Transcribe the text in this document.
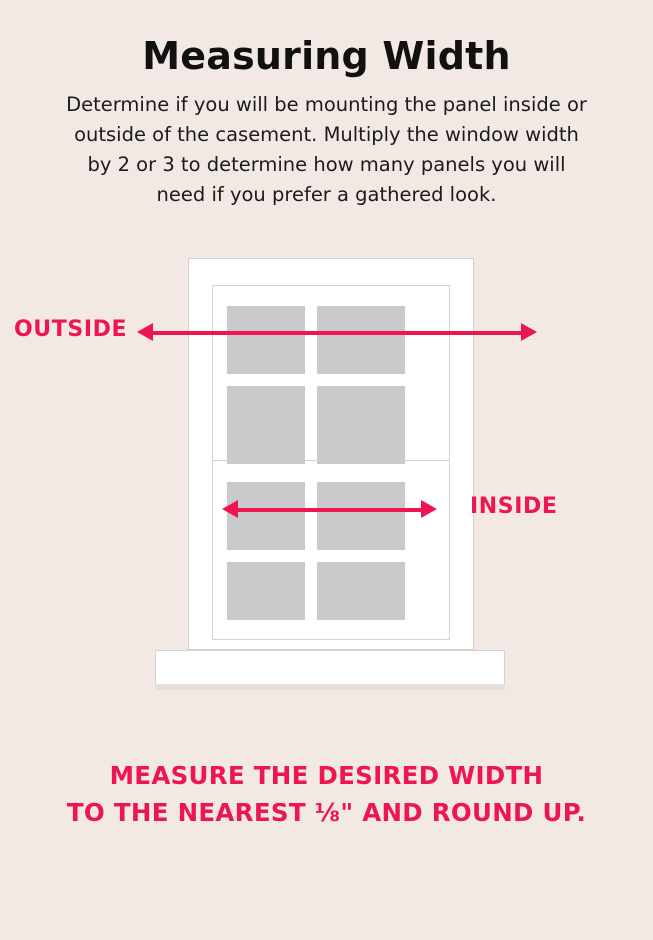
Measuring Width
Determine if you will be mounting the panel inside or outside of the casement. Multiply the window width by 2 or 3 to determine how many panels you will need if you prefer a gathered look.
OUTSIDE
INSIDE
MEASURE THE DESIRED WIDTH
TO THE NEAREST ⅛" AND ROUND UP.
